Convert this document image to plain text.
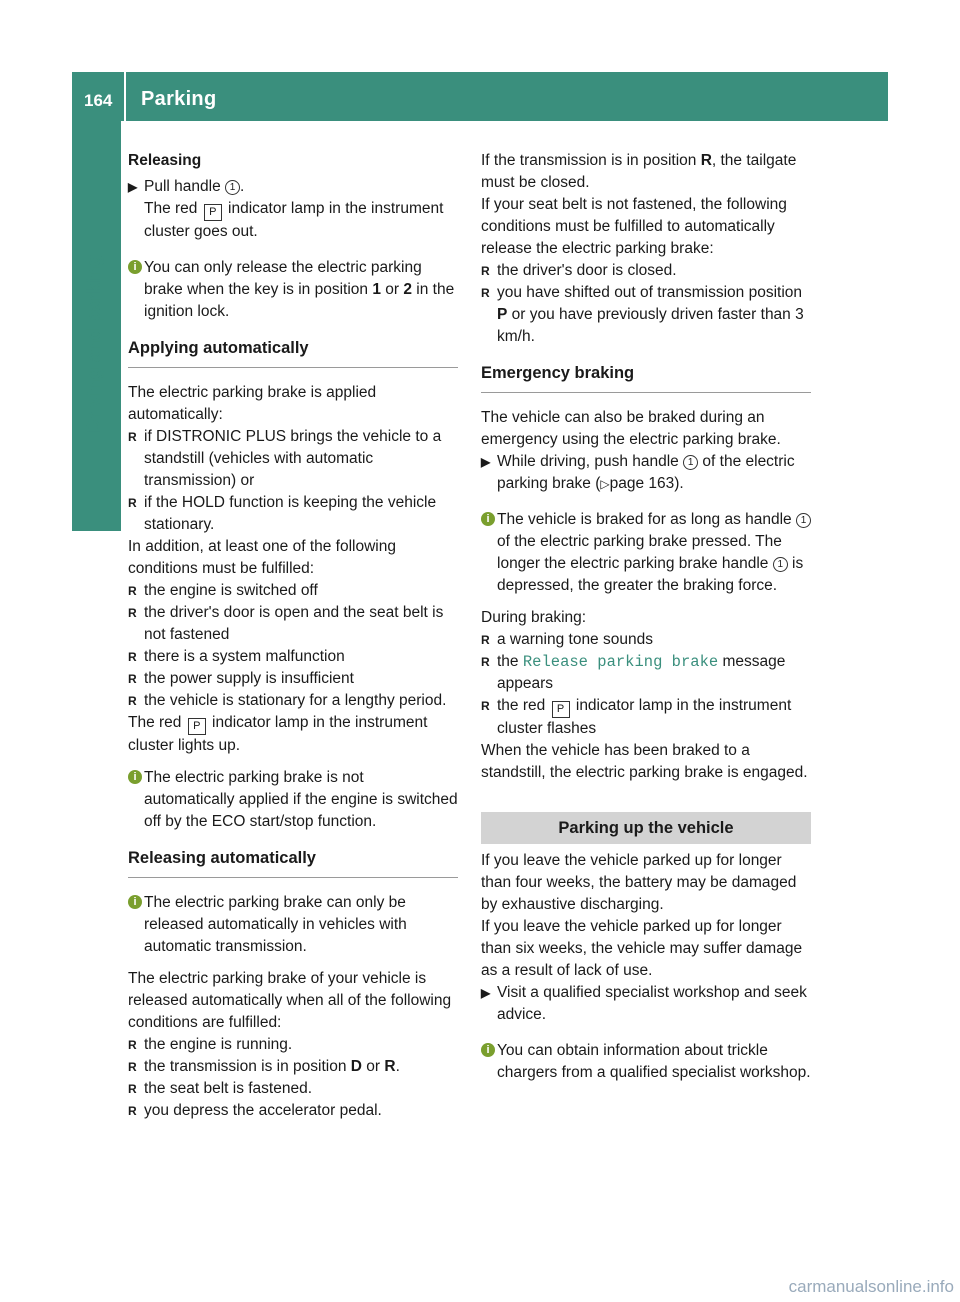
164 Parking
Driving and parking

Releasing

▶ Pull handle 1 .
The red P indicator lamp in the instrument cluster goes out.
i You can only release the electric parking brake when the key is in position 1 or 2 in the ignition lock.

Applying automatically

The electric parking brake is applied automatically:

R if DISTRONIC PLUS brings the vehicle to a standstill (vehicles with automatic transmission) or
R if the HOLD function is keeping the vehicle stationary.

In addition, at least one of the following conditions must be fulfilled:

R the engine is switched off
R the driver's door is open and the seat belt is not fastened
R there is a system malfunction
R the power supply is insufficient
R the vehicle is stationary for a lengthy period.

The red P indicator lamp in the instrument cluster lights up.

i The electric parking brake is not automatically applied if the engine is switched off by the ECO start/stop function.

Releasing automatically

i The electric parking brake can only be released automatically in vehicles with automatic transmission.

The electric parking brake of your vehicle is released automatically when all of the following conditions are fulfilled:

R the engine is running.
R the transmission is in position D or R.
R the seat belt is fastened.
R you depress the accelerator pedal.

If the transmission is in position R, the tailgate must be closed.

If your seat belt is not fastened, the following conditions must be fulfilled to automatically release the electric parking brake:

R the driver's door is closed.
R you have shifted out of transmission position P or you have previously driven faster than 3 km/h.

Emergency braking

The vehicle can also be braked during an emergency using the electric parking brake.

▶ While driving, push handle 1 of the electric parking brake (▷page 163).
i The vehicle is braked for as long as handle 1 of the electric parking brake pressed. The longer the electric parking brake handle 1 is depressed, the greater the braking force.

During braking:

R a warning tone sounds
R the Release parking brake message appears
R the red P indicator lamp in the instrument cluster flashes

When the vehicle has been braked to a standstill, the electric parking brake is engaged.

Parking up the vehicle

If you leave the vehicle parked up for longer than four weeks, the battery may be damaged by exhaustive discharging.

If you leave the vehicle parked up for longer than six weeks, the vehicle may suffer damage as a result of lack of use.

▶ Visit a qualified specialist workshop and seek advice.
i You can obtain information about trickle chargers from a qualified specialist workshop.
carmanualsonline.info
